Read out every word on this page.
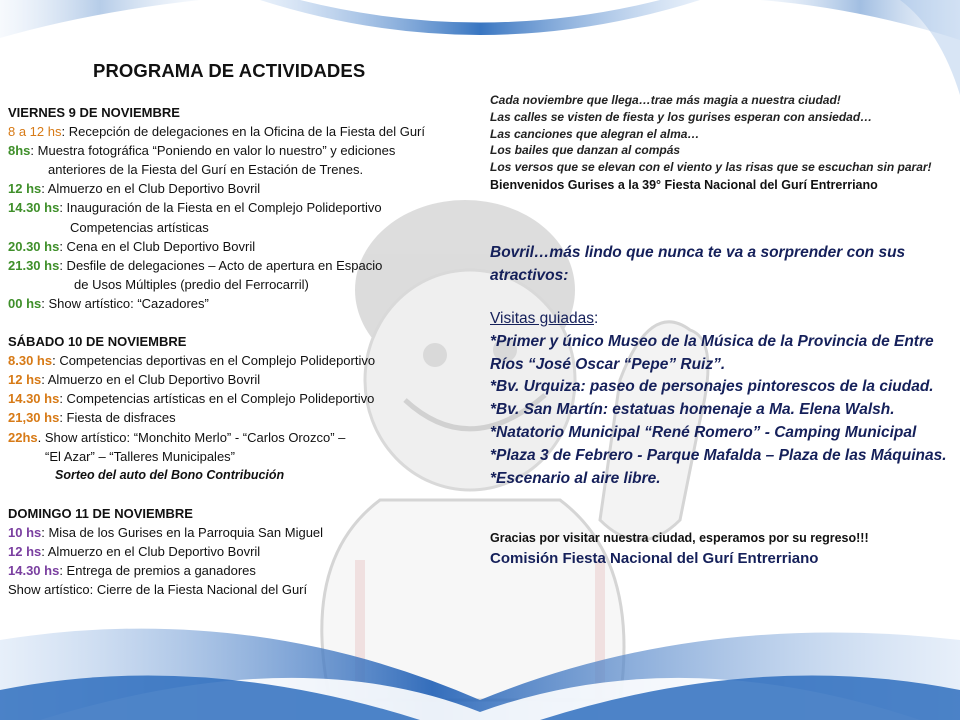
PROGRAMA DE ACTIVIDADES
VIERNES 9 DE NOVIEMBRE
8 a 12 hs: Recepción de delegaciones en la Oficina de la Fiesta del Gurí
8hs: Muestra fotográfica “Poniendo en valor lo nuestro” y ediciones
anteriores de la Fiesta del Gurí en Estación de Trenes.
12 hs: Almuerzo en el Club Deportivo Bovril
14.30 hs: Inauguración de la Fiesta en el Complejo Polideportivo
Competencias artísticas
20.30 hs: Cena en el Club Deportivo Bovril
21.30 hs: Desfile de delegaciones – Acto de apertura en Espacio
de Usos Múltiples (predio del Ferrocarril)
00 hs: Show artístico: “Cazadores”
SÁBADO 10 DE NOVIEMBRE
8.30 hs: Competencias deportivas en el Complejo Polideportivo
12 hs: Almuerzo en el Club Deportivo Bovril
14.30 hs: Competencias artísticas en el Complejo Polideportivo
21,30 hs: Fiesta de disfraces
22hs. Show artístico: “Monchito Merlo” - “Carlos Orozco” –
“El Azar” – “Talleres Municipales”
Sorteo del auto del Bono Contribución
DOMINGO 11 DE NOVIEMBRE
10 hs: Misa de los Gurises en la Parroquia San Miguel
12 hs: Almuerzo en el Club Deportivo Bovril
14.30 hs: Entrega de premios a ganadores
Show artístico: Cierre de la Fiesta Nacional del Gurí
Cada noviembre que llega…trae más magia a nuestra ciudad!
Las calles se visten de fiesta y los gurises esperan con ansiedad…
Las canciones que alegran el alma…
Los bailes que danzan al compás
Los versos que se elevan con el viento y las risas que se escuchan sin parar!
Bienvenidos Gurises a la 39° Fiesta Nacional del Gurí Entrerriano
Bovril…más lindo que nunca te va a sorprender con sus atractivos:
Visitas guiadas:
*Primer y único Museo de la Música de la Provincia de Entre Ríos “José Oscar “Pepe” Ruiz”.
*Bv. Urquiza: paseo de personajes pintorescos de la ciudad.
*Bv. San Martín: estatuas homenaje a Ma. Elena Walsh.
*Natatorio Municipal “René Romero” - Camping Municipal
*Plaza 3 de Febrero - Parque Mafalda – Plaza de las Máquinas.
*Escenario al aire libre.
Gracias por visitar nuestra ciudad, esperamos por su regreso!!!
Comisión Fiesta Nacional del Gurí Entrerriano
